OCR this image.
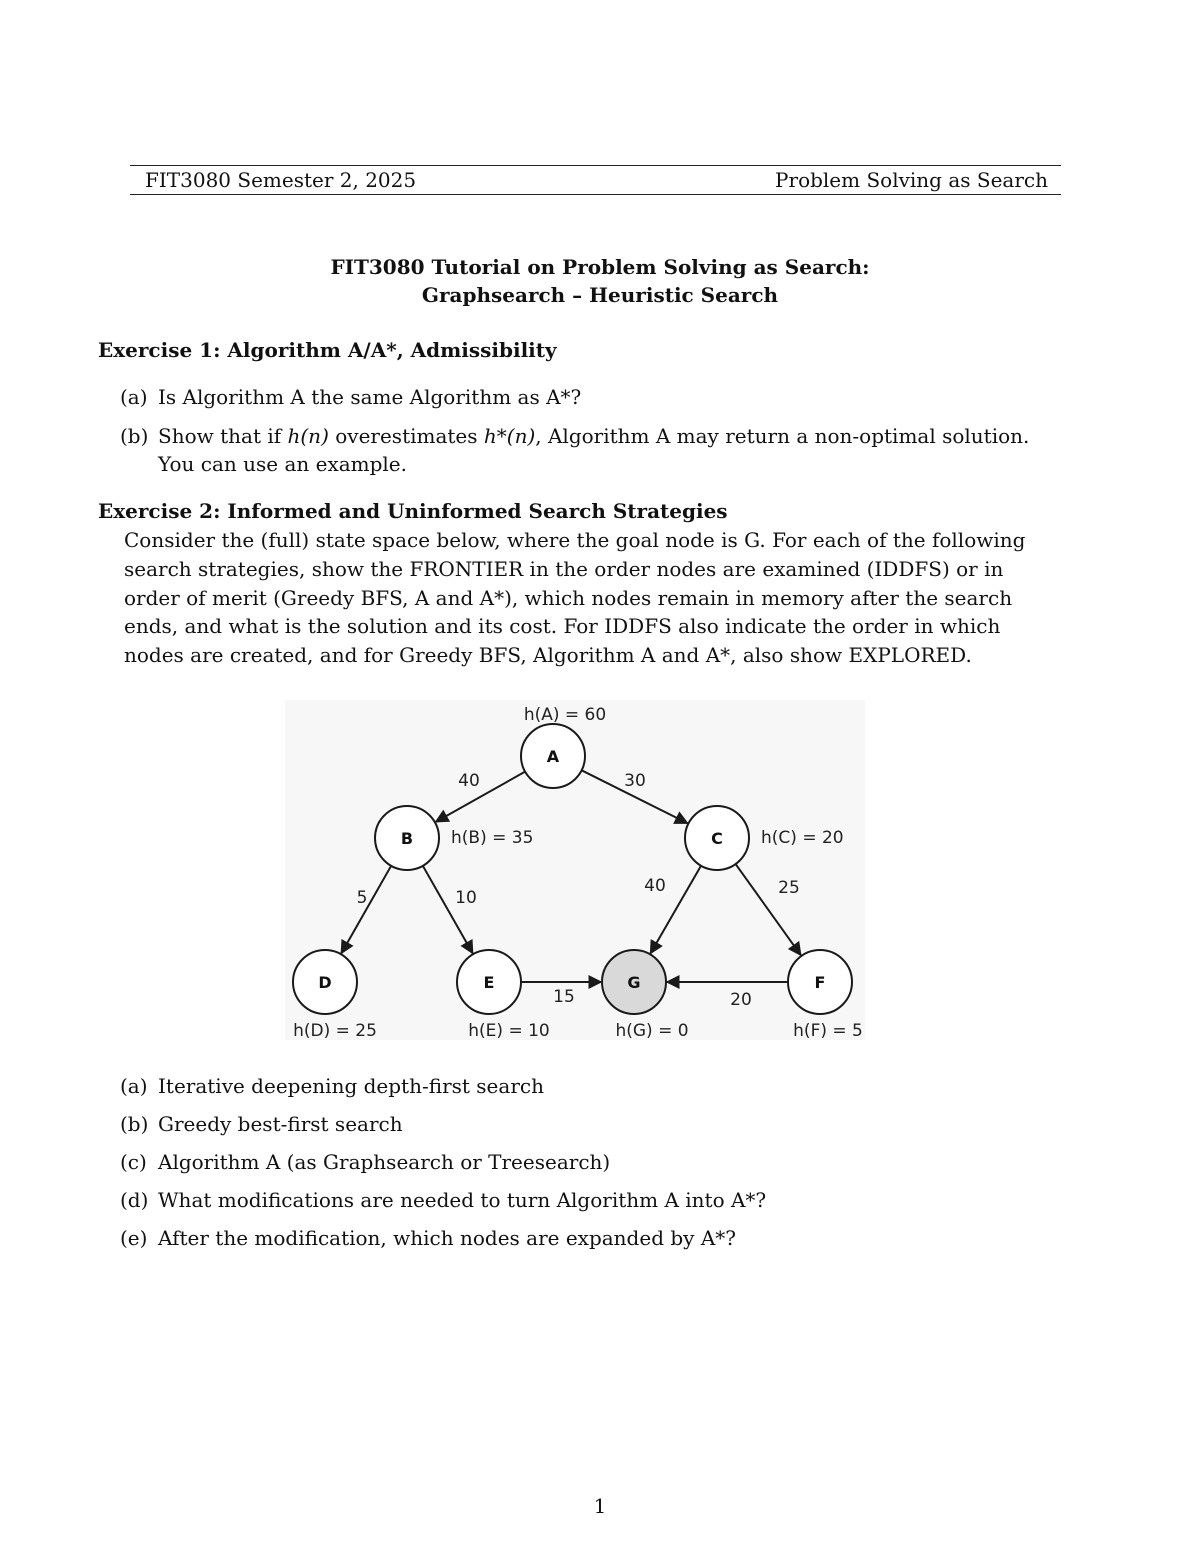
FIT3080 Semester 2, 2025	Problem Solving as Search
FIT3080 Tutorial on Problem Solving as Search:
Graphsearch – Heuristic Search
Exercise 1: Algorithm A/A*, Admissibility
(a) Is Algorithm A the same Algorithm as A*?
(b) Show that if h(n) overestimates h*(n), Algorithm A may return a non-optimal solution.
You can use an example.
Exercise 2: Informed and Uninformed Search Strategies
Consider the (full) state space below, where the goal node is G. For each of the following
search strategies, show the FRONTIER in the order nodes are examined (IDDFS) or in
order of merit (Greedy BFS, A and A*), which nodes remain in memory after the search
ends, and what is the solution and its cost. For IDDFS also indicate the order in which
nodes are created, and for Greedy BFS, Algorithm A and A*, also show EXPLORED.
A
B	C
D	E	G	F
40	30
5	10
40	25
15	20
h(A) = 60
h(B) = 35	h(C) = 20
h(D) = 25	h(E) = 10	h(G) = 0	h(F) = 5
(a) Iterative deepening depth-first search
(b) Greedy best-first search
(c) Algorithm A (as Graphsearch or Treesearch)
(d) What modifications are needed to turn Algorithm A into A*?
(e) After the modification, which nodes are expanded by A*?
1
